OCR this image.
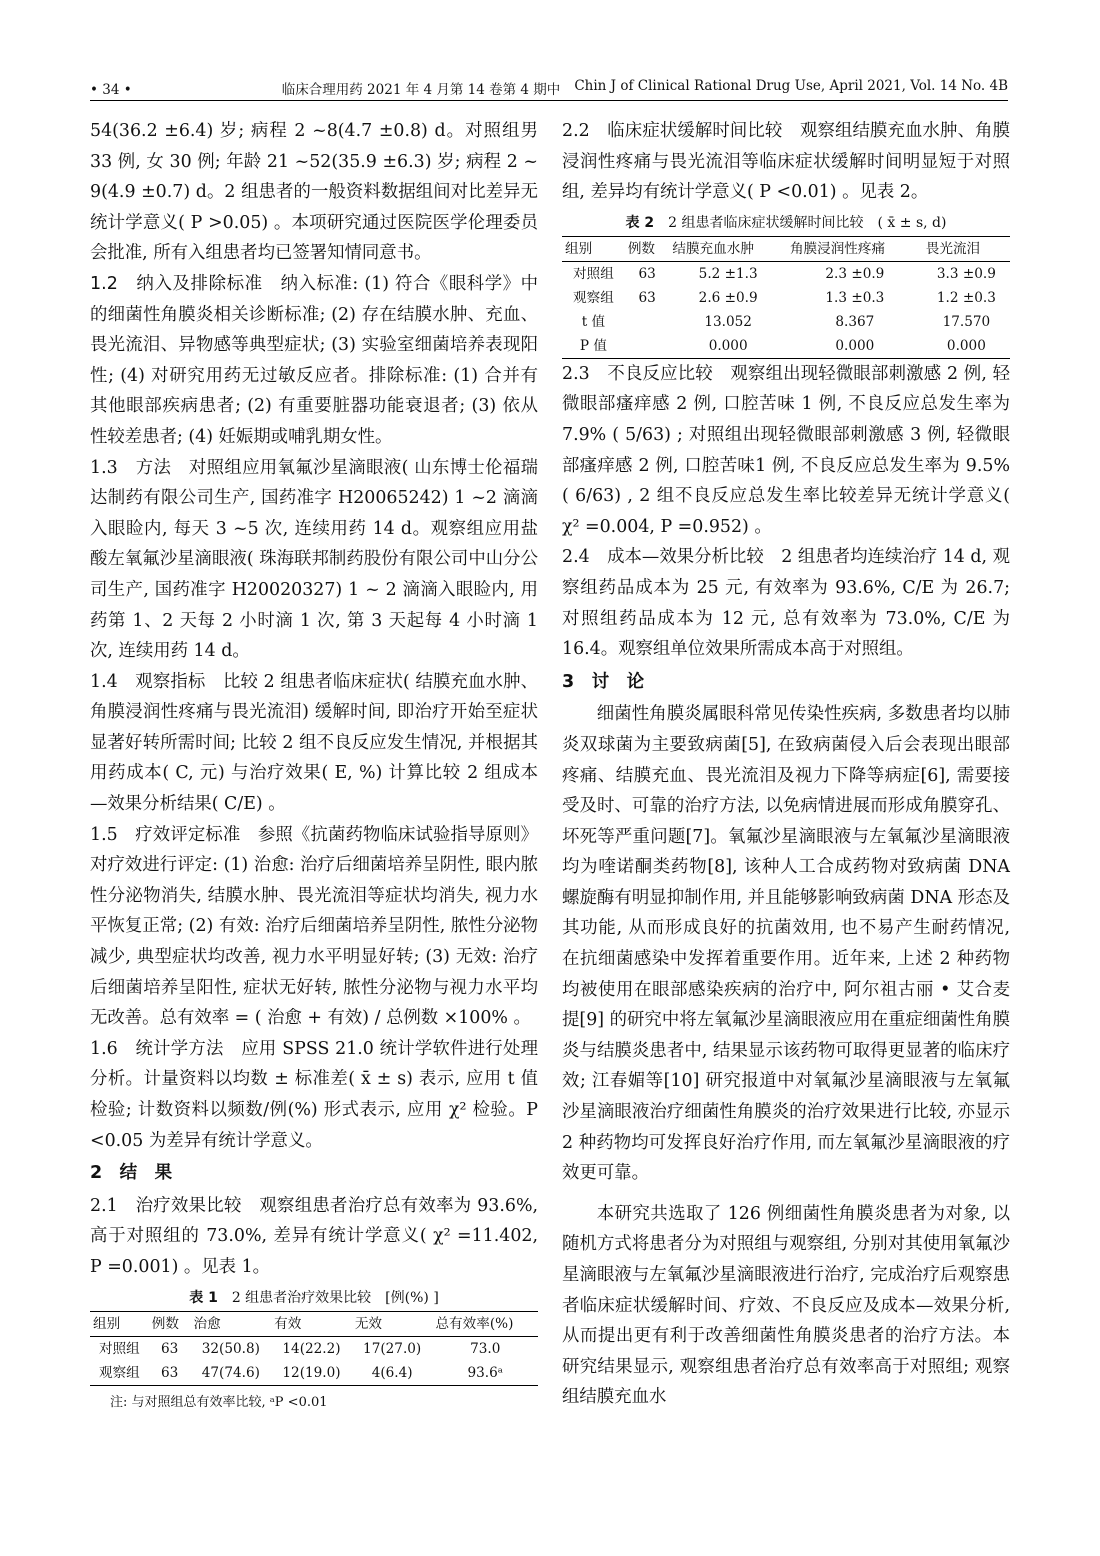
• 34 •	临床合理用药 2021 年 4 月第 14 卷第 4 期中 Chin J of Clinical Rational Drug Use, April 2021, Vol. 14 No. 4B

54(36.2 ±6.4) 岁; 病程 2 ~8(4.7 ±0.8) d。对照组男 33 例, 女 30 例; 年龄 21 ~52(35.9 ±6.3) 岁; 病程 2 ~ 9(4.9 ±0.7) d。2 组患者的一般资料数据组间对比差异无统计学意义( P >0.05) 。本项研究通过医院医学伦理委员会批准, 所有入组患者均已签署知情同意书。

1.2　纳入及排除标准　 纳入标准: (1) 符合《眼科学》中的细菌性角膜炎相关诊断标准; (2) 存在结膜水肿、充血、畏光流泪、异物感等典型症状; (3) 实验室细菌培养表现阳性; (4) 对研究用药无过敏反应者。排除标准: (1) 合并有其他眼部疾病患者; (2) 有重要脏器功能衰退者; (3) 依从性较差患者; (4) 妊娠期或哺乳期女性。

1.3　方法　 对照组应用氧氟沙星滴眼液( 山东博士伦福瑞达制药有限公司生产, 国药准字 H20065242) 1 ~2 滴滴入眼睑内, 每天 3 ~5 次, 连续用药 14 d。观察组应用盐酸左氧氟沙星滴眼液( 珠海联邦制药股份有限公司中山分公司生产, 国药准字 H20020327) 1 ~ 2 滴滴入眼睑内, 用药第 1、2 天每 2 小时滴 1 次, 第 3 天起每 4 小时滴 1 次, 连续用药 14 d。

1.4　观察指标　 比较 2 组患者临床症状( 结膜充血水肿、角膜浸润性疼痛与畏光流泪) 缓解时间, 即治疗开始至症状显著好转所需时间; 比较 2 组不良反应发生情况, 并根据其用药成本( C, 元) 与治疗效果( E, %) 计算比较 2 组成本—效果分析结果( C/E) 。

1.5　疗效评定标准　 参照《抗菌药物临床试验指导原则》对疗效进行评定: (1) 治愈: 治疗后细菌培养呈阴性, 眼内脓性分泌物消失, 结膜水肿、畏光流泪等症状均消失, 视力水平恢复正常; (2) 有效: 治疗后细菌培养呈阴性, 脓性分泌物减少, 典型症状均改善, 视力水平明显好转; (3) 无效: 治疗后细菌培养呈阳性, 症状无好转, 脓性分泌物与视力水平均无改善。总有效率 = ( 治愈 + 有效) / 总例数 ×100% 。

1.6　统计学方法　 应用 SPSS 21.0 统计学软件进行处理分析。计量资料以均数 ± 标准差( x̄ ± s) 表示, 应用 t 值检验; 计数资料以频数/例(%) 形式表示, 应用 χ² 检验。P <0.05 为差异有统计学意义。

2　结　果

2.1　治疗效果比较　 观察组患者治疗总有效率为 93.6%, 高于对照组的 73.0%, 差异有统计学意义( χ² =11.402, P =0.001) 。见表 1。

表 1　 2 组患者治疗效果比较　[例(%) ]
组别	例数	治愈	有效	无效	总有效率(%)
对照组	63	32(50.8)	14(22.2)	17(27.0)	73.0
观察组	63	47(74.6)	12(19.0)	4(6.4)	93.6ᵃ
注: 与对照组总有效率比较, ᵃP <0.01

2.2　临床症状缓解时间比较　 观察组结膜充血水肿、角膜浸润性疼痛与畏光流泪等临床症状缓解时间明显短于对照组, 差异均有统计学意义( P <0.01) 。见表 2。

表 2　 2 组患者临床症状缓解时间比较　( x̄ ± s, d)
组别	例数	结膜充血水肿	角膜浸润性疼痛	畏光流泪
对照组	63	5.2 ±1.3	2.3 ±0.9	3.3 ±0.9
观察组	63	2.6 ±0.9	1.3 ±0.3	1.2 ±0.3
t 值		13.052	8.367	17.570
P 值		0.000	0.000	0.000

2.3　不良反应比较　 观察组出现轻微眼部刺激感 2 例, 轻微眼部瘙痒感 2 例, 口腔苦味 1 例, 不良反应总发生率为 7.9% ( 5/63) ; 对照组出现轻微眼部刺激感 3 例, 轻微眼部瘙痒感 2 例, 口腔苦味1 例, 不良反应总发生率为 9.5% ( 6/63) , 2 组不良反应总发生率比较差异无统计学意义( χ² =0.004, P =0.952) 。

2.4　成本—效果分析比较　 2 组患者均连续治疗 14 d, 观察组药品成本为 25 元, 有效率为 93.6%, C/E 为 26.7; 对照组药品成本为 12 元, 总有效率为 73.0%, C/E 为 16.4。观察组单位效果所需成本高于对照组。

3　讨　论

细菌性角膜炎属眼科常见传染性疾病, 多数患者均以肺炎双球菌为主要致病菌[5], 在致病菌侵入后会表现出眼部疼痛、结膜充血、畏光流泪及视力下降等病症[6], 需要接受及时、可靠的治疗方法, 以免病情进展而形成角膜穿孔、坏死等严重问题[7]。氧氟沙星滴眼液与左氧氟沙星滴眼液均为喹诺酮类药物[8], 该种人工合成药物对致病菌 DNA 螺旋酶有明显抑制作用, 并且能够影响致病菌 DNA 形态及其功能, 从而形成良好的抗菌效用, 也不易产生耐药情况, 在抗细菌感染中发挥着重要作用。近年来, 上述 2 种药物均被使用在眼部感染疾病的治疗中, 阿尔祖古丽 • 艾合麦提[9] 的研究中将左氧氟沙星滴眼液应用在重症细菌性角膜炎与结膜炎患者中, 结果显示该药物可取得更显著的临床疗效; 江春媚等[10] 研究报道中对氧氟沙星滴眼液与左氧氟沙星滴眼液治疗细菌性角膜炎的治疗效果进行比较, 亦显示 2 种药物均可发挥良好治疗作用, 而左氧氟沙星滴眼液的疗效更可靠。

本研究共选取了 126 例细菌性角膜炎患者为对象, 以随机方式将患者分为对照组与观察组, 分别对其使用氧氟沙星滴眼液与左氧氟沙星滴眼液进行治疗, 完成治疗后观察患者临床症状缓解时间、疗效、不良反应及成本—效果分析, 从而提出更有利于改善细菌性角膜炎患者的治疗方法。本研究结果显示, 观察组患者治疗总有效率高于对照组; 观察组结膜充血水
